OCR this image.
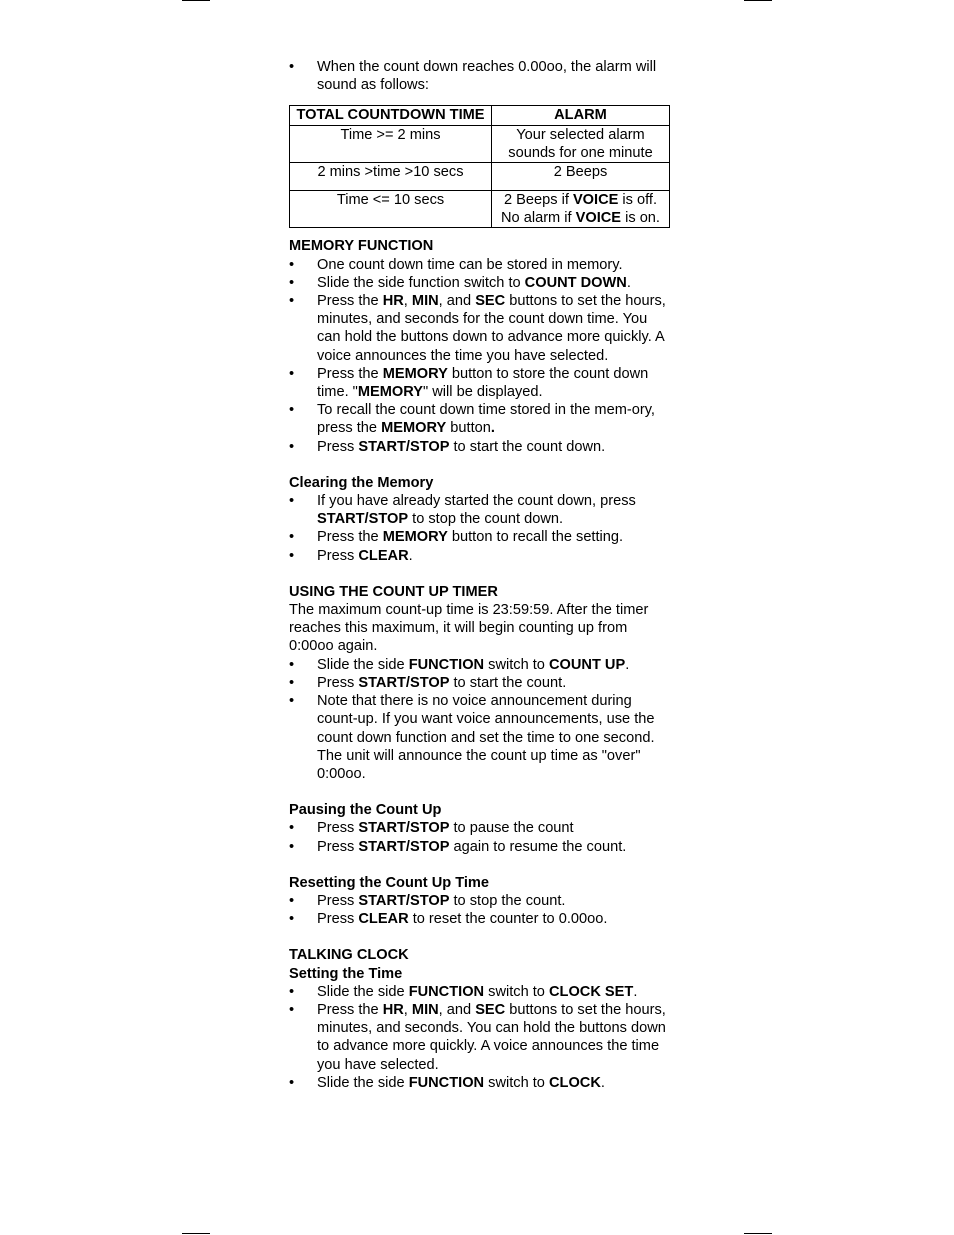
• When the count down reaches 0.00oo, the alarm will sound as follows:
TOTAL COUNTDOWN TIME	ALARM
Time >= 2 mins	Your selected alarm sounds for one minute
2 mins >time >10 secs	2 Beeps
Time <= 10 secs	2 Beeps if VOICE is off.
No alarm if VOICE is on.
MEMORY FUNCTION
• One count down time can be stored in memory.
• Slide the side function switch to COUNT DOWN.
• Press the HR, MIN, and SEC buttons to set the hours, minutes, and seconds for the count down time. You can hold the buttons down to advance more quickly. A voice announces the time you have selected.
• Press the MEMORY button to store the count down time. "MEMORY" will be displayed.
• To recall the count down time stored in the mem-ory, press the MEMORY button.
• Press START/STOP to start the count down.
Clearing the Memory
• If you have already started the count down, press START/STOP to stop the count down.
• Press the MEMORY button to recall the setting.
• Press CLEAR.
USING THE COUNT UP TIMER
The maximum count-up time is 23:59:59. After the timer reaches this maximum, it will begin counting up from 0:00oo again.
• Slide the side FUNCTION switch to COUNT UP.
• Press START/STOP to start the count.
• Note that there is no voice announcement during count-up. If you want voice announcements, use the count down function and set the time to one second. The unit will announce the count up time as "over" 0:00oo.
Pausing the Count Up
• Press START/STOP to pause the count
• Press START/STOP again to resume the count.
Resetting the Count Up Time
• Press START/STOP to stop the count.
• Press CLEAR to reset the counter to 0.00oo.
TALKING CLOCK
Setting the Time
• Slide the side FUNCTION switch to CLOCK SET.
• Press the HR, MIN, and SEC buttons to set the hours, minutes, and seconds. You can hold the buttons down to advance more quickly. A voice announces the time you have selected.
• Slide the side FUNCTION switch to CLOCK.
